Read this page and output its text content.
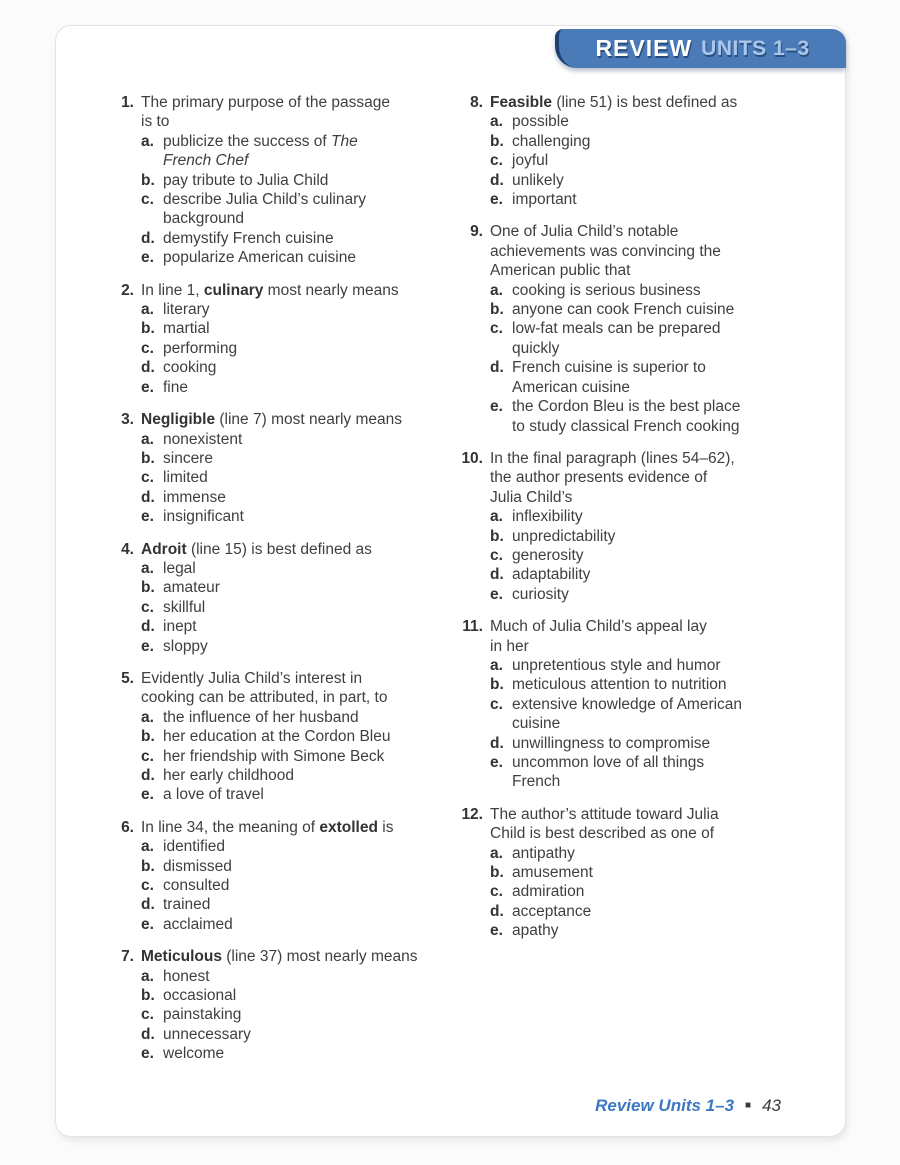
REVIEW UNITS 1–3
1. The primary purpose of the passage
is to
a. publicize the success of The
French Chef
b. pay tribute to Julia Child
c. describe Julia Child’s culinary
background
d. demystify French cuisine
e. popularize American cuisine
2. In line 1, culinary most nearly means
a. literary
b. martial
c. performing
d. cooking
e. fine
3. Negligible (line 7) most nearly means
a. nonexistent
b. sincere
c. limited
d. immense
e. insignificant
4. Adroit (line 15) is best defined as
a. legal
b. amateur
c. skillful
d. inept
e. sloppy
5. Evidently Julia Child’s interest in
cooking can be attributed, in part, to
a. the influence of her husband
b. her education at the Cordon Bleu
c. her friendship with Simone Beck
d. her early childhood
e. a love of travel
6. In line 34, the meaning of extolled is
a. identified
b. dismissed
c. consulted
d. trained
e. acclaimed
7. Meticulous (line 37) most nearly means
a. honest
b. occasional
c. painstaking
d. unnecessary
e. welcome
8. Feasible (line 51) is best defined as
a. possible
b. challenging
c. joyful
d. unlikely
e. important
9. One of Julia Child’s notable
achievements was convincing the
American public that
a. cooking is serious business
b. anyone can cook French cuisine
c. low-fat meals can be prepared
quickly
d. French cuisine is superior to
American cuisine
e. the Cordon Bleu is the best place
to study classical French cooking
10. In the final paragraph (lines 54–62),
the author presents evidence of
Julia Child’s
a. inflexibility
b. unpredictability
c. generosity
d. adaptability
e. curiosity
11. Much of Julia Child’s appeal lay
in her
a. unpretentious style and humor
b. meticulous attention to nutrition
c. extensive knowledge of American
cuisine
d. unwillingness to compromise
e. uncommon love of all things
French
12. The author’s attitude toward Julia
Child is best described as one of
a. antipathy
b. amusement
c. admiration
d. acceptance
e. apathy
Review Units 1–3 ■ 43
